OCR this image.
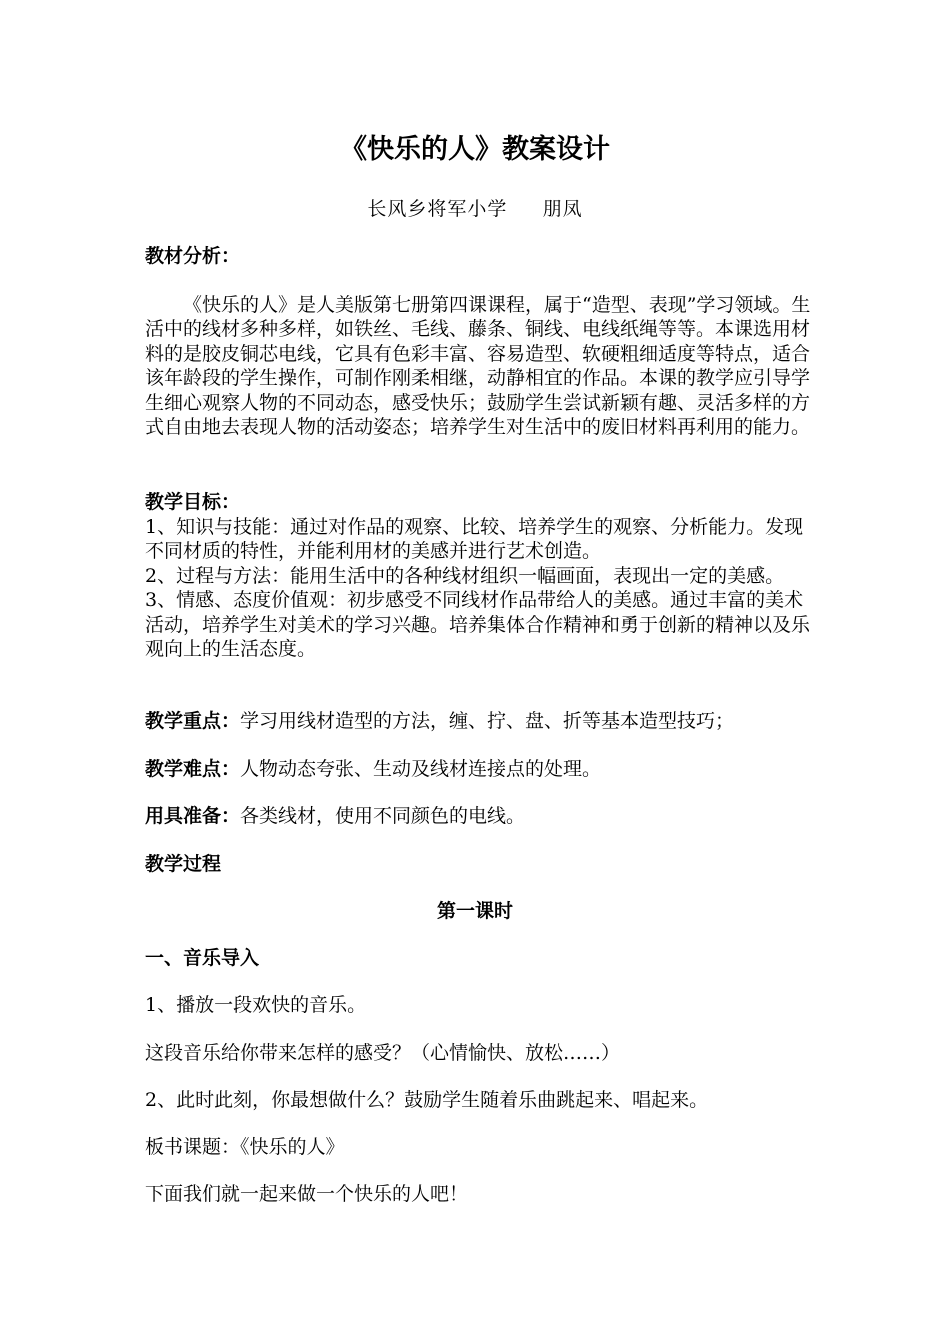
《快乐的人》教案设计
长风乡将军小学     朋凤

教材分析：

《快乐的人》是人美版第七册第四课课程，属于“造型、表现”学习领域。生活中的线材多种多样，如铁丝、毛线、藤条、铜线、电线纸绳等等。本课选用材料的是胶皮铜芯电线，它具有色彩丰富、容易造型、软硬粗细适度等特点，适合该年龄段的学生操作，可制作刚柔相继，动静相宜的作品。本课的教学应引导学生细心观察人物的不同动态，感受快乐；鼓励学生尝试新颖有趣、灵活多样的方式自由地去表现人物的活动姿态；培养学生对生活中的废旧材料再利用的能力。

教学目标：

1、知识与技能：通过对作品的观察、比较、培养学生的观察、分析能力。发现不同材质的特性，并能利用材的美感并进行艺术创造。

2、过程与方法：能用生活中的各种线材组织一幅画面，表现出一定的美感。

3、情感、态度价值观：初步感受不同线材作品带给人的美感。通过丰富的美术活动，培养学生对美术的学习兴趣。培养集体合作精神和勇于创新的精神以及乐观向上的生活态度。

教学重点：学习用线材造型的方法，缠、拧、盘、折等基本造型技巧；
教学难点：人物动态夸张、生动及线材连接点的处理。
用具准备：各类线材，使用不同颜色的电线。
教学过程
第一课时
一、音乐导入
1、播放一段欢快的音乐。
这段音乐给你带来怎样的感受？（心情愉快、放松……）
2、此时此刻，你最想做什么？鼓励学生随着乐曲跳起来、唱起来。
板书课题：《快乐的人》
下面我们就一起来做一个快乐的人吧！
